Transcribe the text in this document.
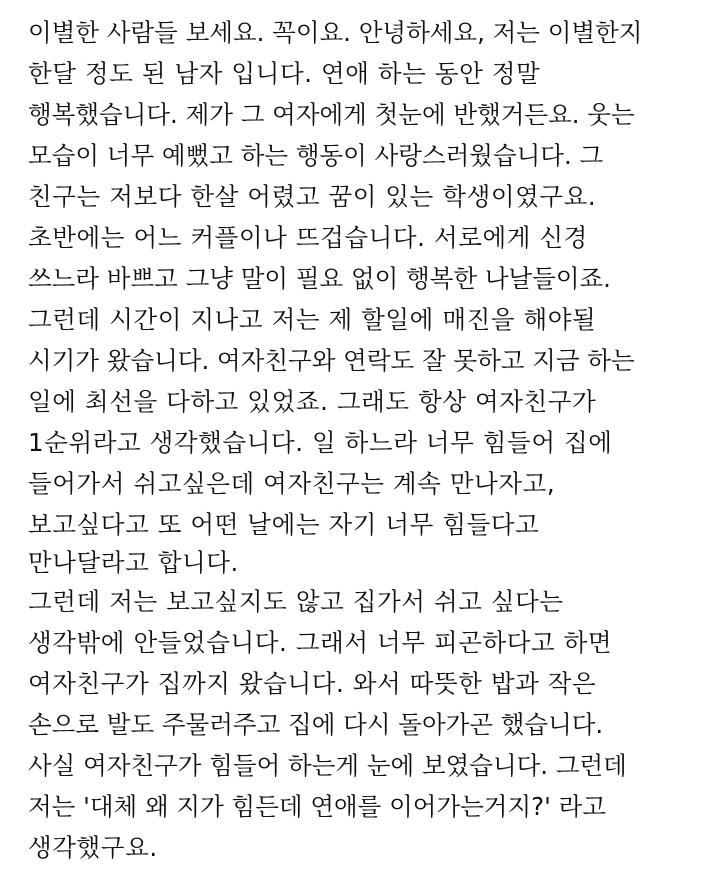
이별한 사람들 보세요. 꼭이요. 안녕하세요, 저는 이별한지
한달 정도 된 남자 입니다. 연애 하는 동안 정말
행복했습니다. 제가 그 여자에게 첫눈에 반했거든요. 웃는
모습이 너무 예뻤고 하는 행동이 사랑스러웠습니다. 그
친구는 저보다 한살 어렸고 꿈이 있는 학생이였구요.
초반에는 어느 커플이나 뜨겁습니다. 서로에게 신경
쓰느라 바쁘고 그냥 말이 필요 없이 행복한 나날들이죠.
그런데 시간이 지나고 저는 제 할일에 매진을 해야될
시기가 왔습니다. 여자친구와 연락도 잘 못하고 지금 하는
일에 최선을 다하고 있었죠. 그래도 항상 여자친구가
1순위라고 생각했습니다. 일 하느라 너무 힘들어 집에
들어가서 쉬고싶은데 여자친구는 계속 만나자고,
보고싶다고 또 어떤 날에는 자기 너무 힘들다고
만나달라고 합니다.
그런데 저는 보고싶지도 않고 집가서 쉬고 싶다는
생각밖에 안들었습니다. 그래서 너무 피곤하다고 하면
여자친구가 집까지 왔습니다. 와서 따뜻한 밥과 작은
손으로 발도 주물러주고 집에 다시 돌아가곤 했습니다.
사실 여자친구가 힘들어 하는게 눈에 보였습니다. 그런데
저는 '대체 왜 지가 힘든데 연애를 이어가는거지?' 라고
생각했구요.
